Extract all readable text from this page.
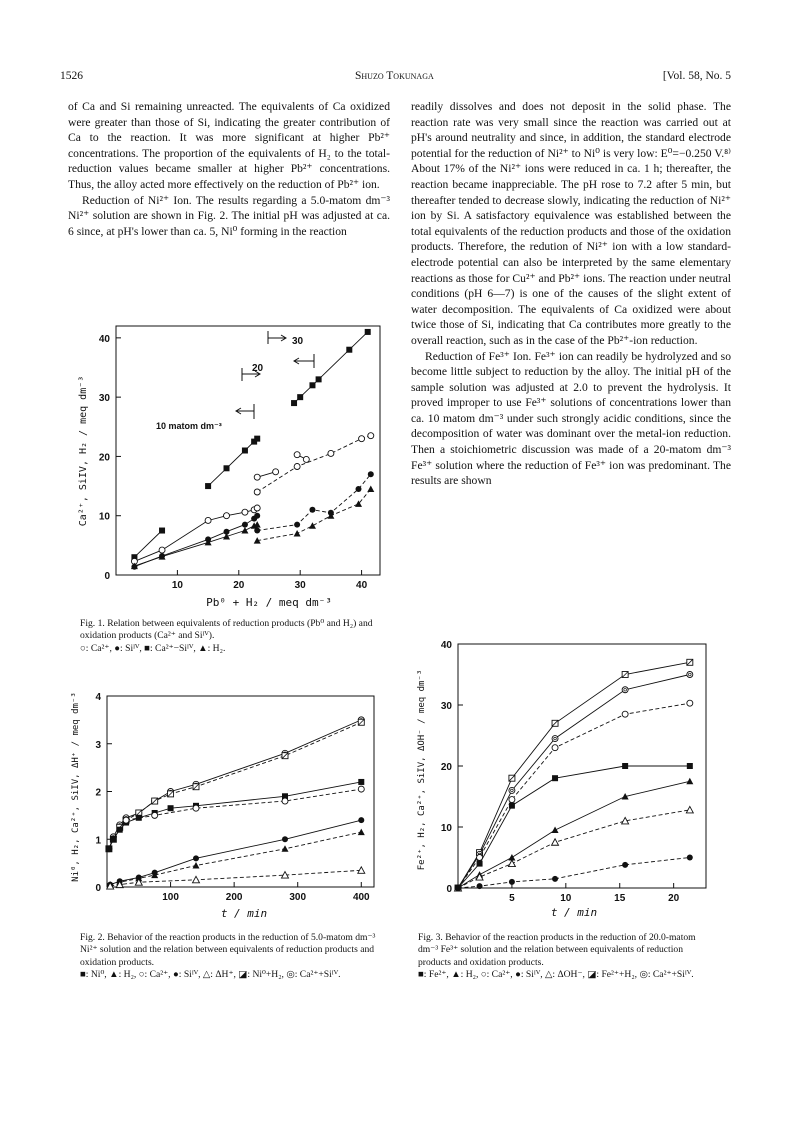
1526	Shuzo Tokunaga	[Vol. 58, No. 5

of Ca and Si remaining unreacted. The equivalents of Ca oxidized were greater than those of Si, indicating the greater contribution of Ca to the reaction. It was more significant at higher Pb²⁺ concentrations. The proportion of the equivalents of H₂ to the total-reduction values became smaller at higher Pb²⁺ concentrations. Thus, the alloy acted more effectively on the reduction of Pb²⁺ ion.

Reduction of Ni²⁺ Ion. The results regarding a 5.0-matom dm⁻³ Ni²⁺ solution are shown in Fig. 2. The initial pH was adjusted at ca. 6 since, at pH's lower than ca. 5, Ni⁰ forming in the reaction

readily dissolves and does not deposit in the solid phase. The reaction rate was very small since the reaction was carried out at pH's around neutrality and since, in addition, the standard electrode potential for the reduction of Ni²⁺ to Ni⁰ is very low: E⁰=−0.250 V.⁸⁾ About 17% of the Ni²⁺ ions were reduced in ca. 1 h; thereafter, the reaction became inappreciable. The pH rose to 7.2 after 5 min, but thereafter tended to decrease slowly, indicating the reduction of Ni²⁺ ion by Si. A satisfactory equivalence was established between the total equivalents of the reduction products and those of the oxidation products. Therefore, the redution of Ni²⁺ ion with a low standard-electrode potential can also be interpreted by the same elementary reactions as those for Cu²⁺ and Pb²⁺ ions. The reaction under neutral conditions (pH 6—7) is one of the causes of the slight extent of water decomposition. The equivalents of Ca oxidized were about twice those of Si, indicating that Ca contributes more greatly to the overall reaction, such as in the case of the Pb²⁺-ion reduction.

Reduction of Fe³⁺ Ion. Fe³⁺ ion can readily be hydrolyzed and so become little subject to reduction by the alloy. The initial pH of the sample solution was adjusted at 2.0 to prevent the hydrolysis. It proved improper to use Fe³⁺ solutions of concentrations lower than ca. 10 matom dm⁻³ under such strongly acidic conditions, since the decomposition of water was dominant over the metal-ion reduction. Then a stoichiometric discussion was made of a 20-matom dm⁻³ Fe³⁺ solution where the reduction of Fe³⁺ ion was predominant. The results are shown

0
10	20	30	40
10
20
30
40
10 matom dm⁻³
20
30
Pb⁰ + H₂ / meq dm⁻³
Ca²⁺, SiIV, H₂ / meq dm⁻³

Fig. 1. Relation between equivalents of reduction products (Pb⁰ and H₂) and oxidation products (Ca²⁺ and Siᴵⱽ).

○: Ca²⁺, ●: Siᴵⱽ, ■: Ca²⁺−Siᴵⱽ, ▲: H₂.

0
100	200	300	400
1
2
3
4
t / min
Ni⁰, H₂, Ca²⁺, SiIV, ΔH⁺ / meq dm⁻³

Fig. 2. Behavior of the reaction products in the reduction of 5.0-matom dm⁻³ Ni²⁺ solution and the relation between equivalents of reduction products and oxidation products.

■: Ni⁰, ▲: H₂, ○: Ca²⁺, ●: Siᴵⱽ, △: ΔH⁺, ◪: Ni⁰+H₂, ◎: Ca²⁺+Siᴵⱽ.

0
5	10	15	20
10
20
30
40
t / min
Fe²⁺, H₂, Ca²⁺, SiIV, ΔOH⁻ / meq dm⁻³

Fig. 3. Behavior of the reaction products in the reduction of 20.0-matom dm⁻³ Fe³⁺ solution and the relation between equivalents of reduction products and oxidation products.

■: Fe²⁺, ▲: H₂, ○: Ca²⁺, ●: Siᴵⱽ, △: ΔOH⁻, ◪: Fe²⁺+H₂, ◎: Ca²⁺+Siᴵⱽ.
